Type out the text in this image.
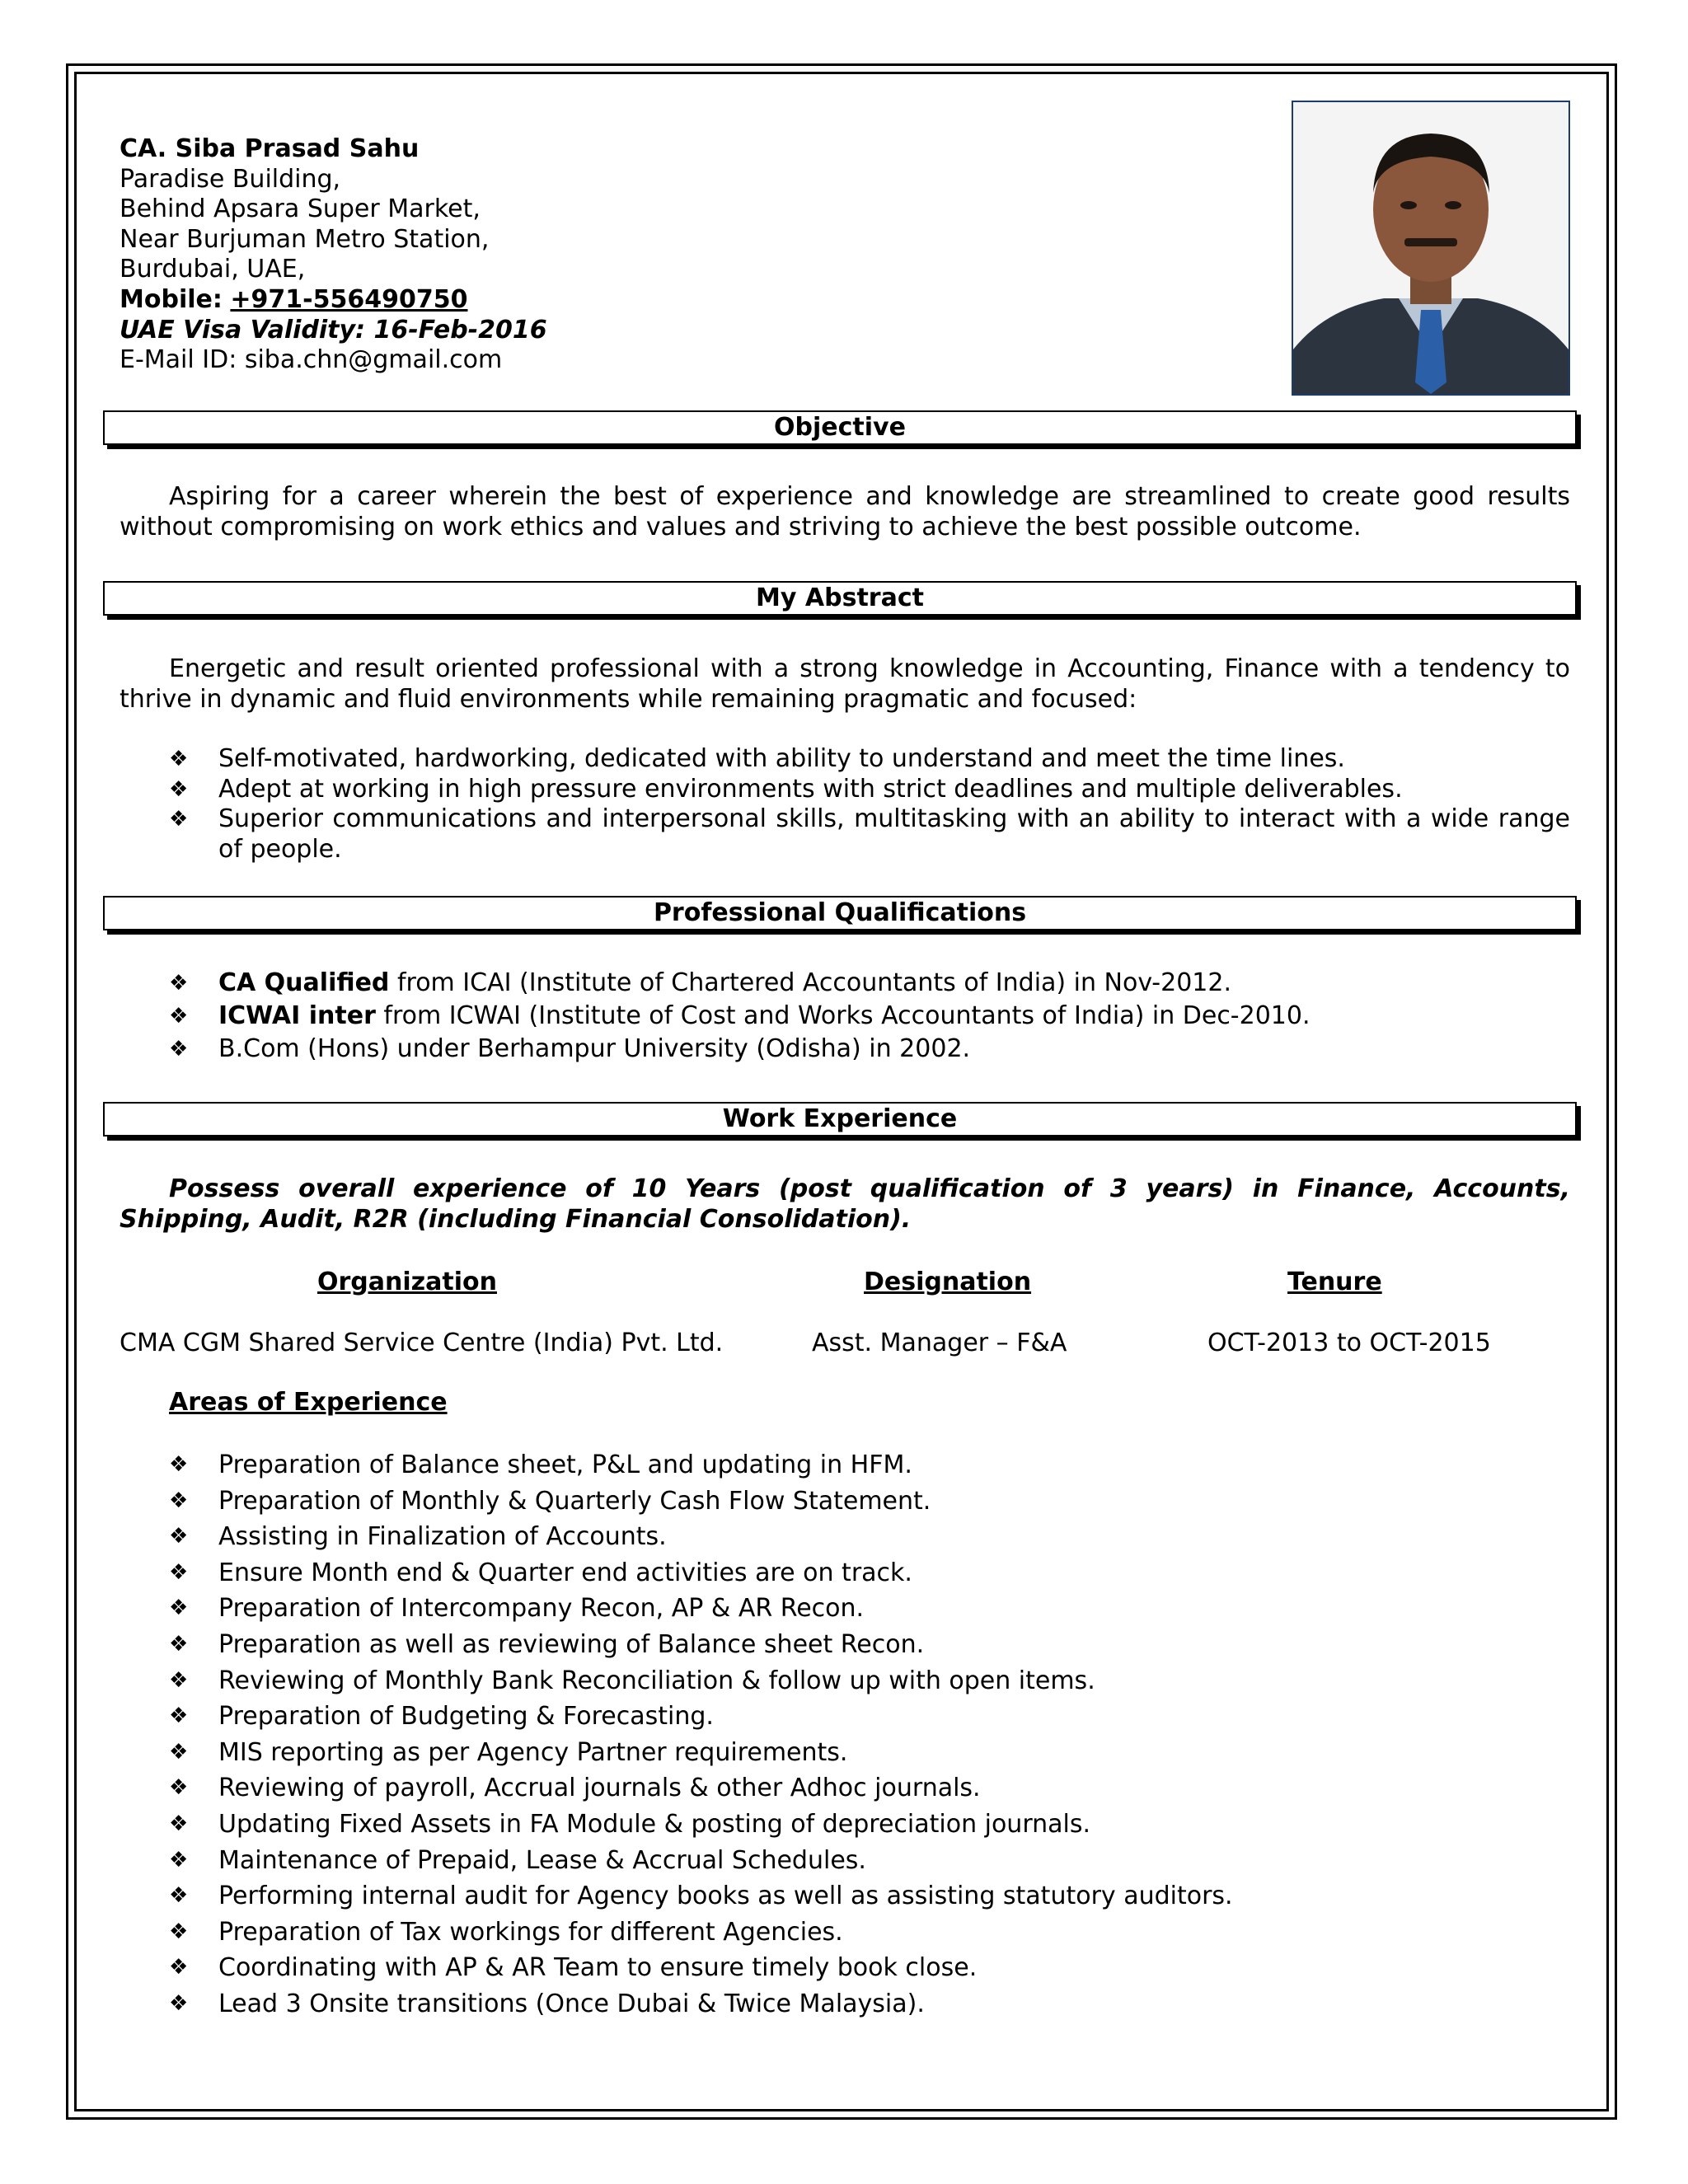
CA. Siba Prasad Sahu
Paradise Building,
Behind Apsara Super Market,
Near Burjuman Metro Station,
Burdubai, UAE,
Mobile: +971-556490750
UAE Visa Validity: 16-Feb-2016
E-Mail ID: siba.chn@gmail.com
Objective
Aspiring for a career wherein the best of experience and knowledge are streamlined to create good results without compromising on work ethics and values and striving to achieve the best possible outcome.
My Abstract
Energetic and result oriented professional with a strong knowledge in Accounting, Finance with a tendency to thrive in dynamic and fluid environments while remaining pragmatic and focused:
❖ Self-motivated, hardworking, dedicated with ability to understand and meet the time lines.
❖ Adept at working in high pressure environments with strict deadlines and multiple deliverables.
❖ Superior communications and interpersonal skills, multitasking with an ability to interact with a wide range of people.
Professional Qualifications
❖ CA Qualified from ICAI (Institute of Chartered Accountants of India) in Nov-2012.
❖ ICWAI inter from ICWAI (Institute of Cost and Works Accountants of India) in Dec-2010.
❖ B.Com (Hons) under Berhampur University (Odisha) in 2002.
Work Experience
Possess overall experience of 10 Years (post qualification of 3 years) in Finance, Accounts, Shipping, Audit, R2R (including Financial Consolidation).
Organization	Designation	Tenure
CMA CGM Shared Service Centre (India) Pvt. Ltd.	Asst. Manager – F&A	OCT-2013 to OCT-2015
Areas of Experience
❖ Preparation of Balance sheet, P&L and updating in HFM.
❖ Preparation of Monthly & Quarterly Cash Flow Statement.
❖ Assisting in Finalization of Accounts.
❖ Ensure Month end & Quarter end activities are on track.
❖ Preparation of Intercompany Recon, AP & AR Recon.
❖ Preparation as well as reviewing of Balance sheet Recon.
❖ Reviewing of Monthly Bank Reconciliation & follow up with open items.
❖ Preparation of Budgeting & Forecasting.
❖ MIS reporting as per Agency Partner requirements.
❖ Reviewing of payroll, Accrual journals & other Adhoc journals.
❖ Updating Fixed Assets in FA Module & posting of depreciation journals.
❖ Maintenance of Prepaid, Lease & Accrual Schedules.
❖ Performing internal audit for Agency books as well as assisting statutory auditors.
❖ Preparation of Tax workings for different Agencies.
❖ Coordinating with AP & AR Team to ensure timely book close.
❖ Lead 3 Onsite transitions (Once Dubai & Twice Malaysia).
